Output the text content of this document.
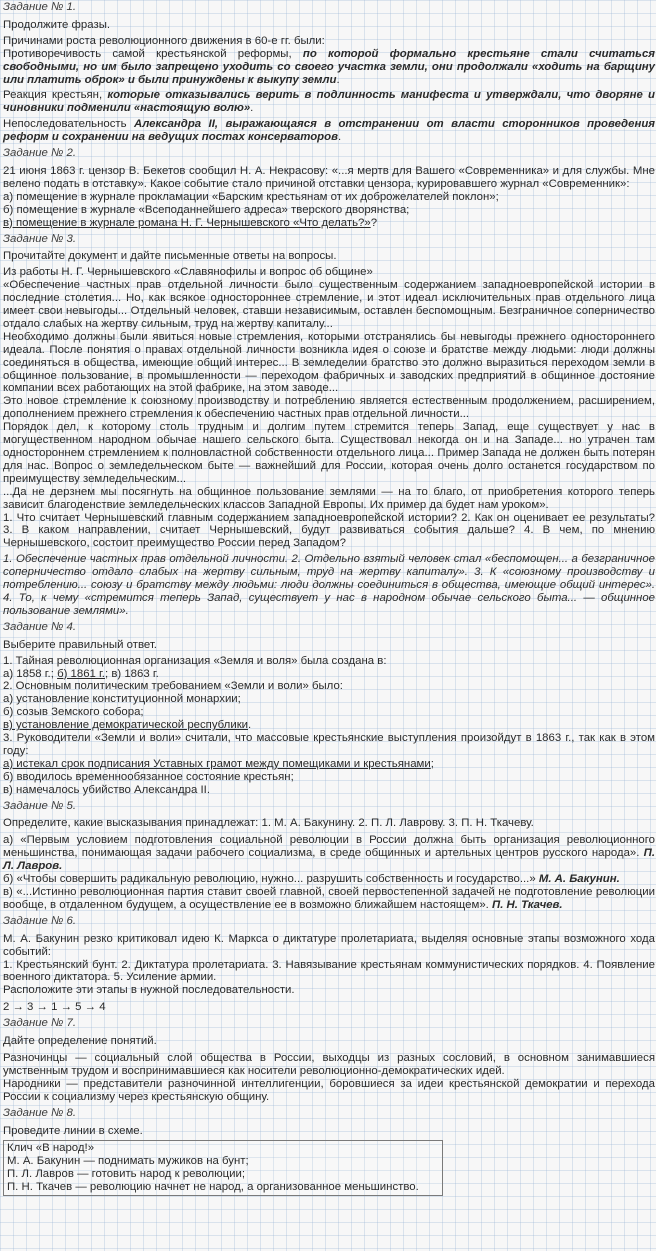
Задание № 1.

Продолжите фразы.

Причинами роста революционного движения в 60-е гг. были:

Противоречивость самой крестьянской реформы, по которой формально крестьяне стали считаться свободными, но им было запрещено уходить со своего участка земли, они продолжали «ходить на барщину или платить оброк» и были принуждены к выкупу земли.

Реакция крестьян, которые отказывались верить в подлинность манифеста и утверждали, что дворяне и чиновники подменили «настоящую волю».

Непоследовательность Александра II, выражающаяся в отстранении от власти сторонников проведения реформ и сохранении на ведущих постах консерваторов.

Задание № 2.

21 июня 1863 г. цензор В. Бекетов сообщил Н. А. Некрасову: «...я мертв для Вашего «Современника» и для службы. Мне велено подать в отставку». Какое событие стало причиной отставки цензора, курировавшего журнал «Современник»:

а) помещение в журнале прокламации «Барским крестьянам от их доброжелателей поклон»;

б) помещение в журнале «Всеподаннейшего адреса» тверского дворянства;

в) помещение в журнале романа Н. Г. Чернышевского «Что делать?»?

Задание № 3.

Прочитайте документ и дайте письменные ответы на вопросы.

Из работы Н. Г. Чернышевского «Славянофилы и вопрос об общине»

«Обеспечение частных прав отдельной личности было существенным содержанием западноевропейской истории в последние столетия... Но, как всякое одностороннее стремление, и этот идеал исключительных прав отдельного лица имеет свои невыгоды... Отдельный человек, ставши независимым, оставлен беспомощным. Безграничное соперничество отдало слабых на жертву сильным, труд на жертву капиталу...

Необходимо должны были явиться новые стремления, которыми отстранялись бы невыгоды прежнего одностороннего идеала. После понятия о правах отдельной личности возникла идея о союзе и братстве между людьми: люди должны соединяться в общества, имеющие общий интерес... В земледелии братство это должно выразиться переходом земли в общинное пользование, в промышленности — переходом фабричных и заводских предприятий в общинное достояние компании всех работающих на этой фабрике, на этом заводе...

Это новое стремление к союзному производству и потреблению является естественным продолжением, расширением, дополнением прежнего стремления к обеспечению частных прав отдельной личности...

Порядок дел, к которому столь трудным и долгим путем стремится теперь Запад, еще существует у нас в могущественном народном обычае нашего сельского быта. Существовал некогда он и на Западе... но утрачен там одностороннем стремлением к полновластной собственности отдельного лица... Пример Запада не должен быть потерян для нас. Вопрос о земледельческом быте — важнейший для России, которая очень долго останется государством по преимуществу земледельческим...

...Да не дерзнем мы посягнуть на общинное пользование землями — на то благо, от приобретения которого теперь зависит благоденствие земледельческих классов Западной Европы. Их пример да будет нам уроком».

1. Что считает Чернышевский главным содержанием западноевропейской истории? 2. Как он оценивает ее результаты? 3. В каком направлении, считает Чернышевский, будут развиваться события дальше? 4. В чем, по мнению Чернышевского, состоит преимущество России перед Западом?

1. Обеспечение частных прав отдельной личности. 2. Отдельно взятый человек стал «беспомощен... а безграничное соперничество отдало слабых на жертву сильным, труд на жертву капиталу». 3. К «союзному производству и потреблению... союзу и братству между людьми: люди должны соединиться в общества, имеющие общий интерес». 4. То, к чему «стремится теперь Запад, существует у нас в народном обычае сельского быта... — общинное пользование землями».

Задание № 4.

Выберите правильный ответ.

1. Тайная революционная организация «Земля и воля» была создана в:

а) 1858 г.; б) 1861 г.; в) 1863 г.

2. Основным политическим требованием «Земли и воли» было:

а) установление конституционной монархии;

б) созыв Земского собора;

в) установление демократической республики.

3. Руководители «Земли и воли» считали, что массовые крестьянские выступления произойдут в 1863 г., так как в этом году:

а) истекал срок подписания Уставных грамот между помещиками и крестьянами;

б) вводилось временнообязанное состояние крестьян;

в) намечалось убийство Александра II.

Задание № 5.

Определите, какие высказывания принадлежат: 1. М. А. Бакунину. 2. П. Л. Лаврову. 3. П. Н. Ткачеву.

а) «Первым условием подготовления социальной революции в России должна быть организация революционного меньшинства, понимающая задачи рабочего социализма, в среде общинных и артельных центров русского народа». П. Л. Лавров.

б) «Чтобы совершить радикальную революцию, нужно... разрушить собственность и государство...» М. А. Бакунин.

в) «...Истинно революционная партия ставит своей главной, своей первостепенной задачей не подготовление революции вообще, в отдаленном будущем, а осуществление ее в возможно ближайшем настоящем». П. Н. Ткачев.

Задание № 6.

М. А. Бакунин резко критиковал идею К. Маркса о диктатуре пролетариата, выделяя основные этапы возможного хода событий:

1. Крестьянский бунт. 2. Диктатура пролетариата. 3. Навязывание крестьянам коммунистических порядков. 4. Появление военного диктатора. 5. Усиление армии.

Расположите эти этапы в нужной последовательности.

2 → 3 → 1 → 5 → 4

Задание № 7.

Дайте определение понятий.

Разночинцы — социальный слой общества в России, выходцы из разных сословий, в основном занимавшиеся умственным трудом и воспринимавшиеся как носители революционно-демократических идей.

Народники — представители разночинной интеллигенции, боровшиеся за идеи крестьянской демократии и перехода России к социализму через крестьянскую общину.

Задание № 8.

Проведите линии в схеме.

Клич «В народ!»

М. А. Бакунин — поднимать мужиков на бунт;

П. Л. Лавров — готовить народ к революции;

П. Н. Ткачев — революцию начнет не народ, а организованное меньшинство.
